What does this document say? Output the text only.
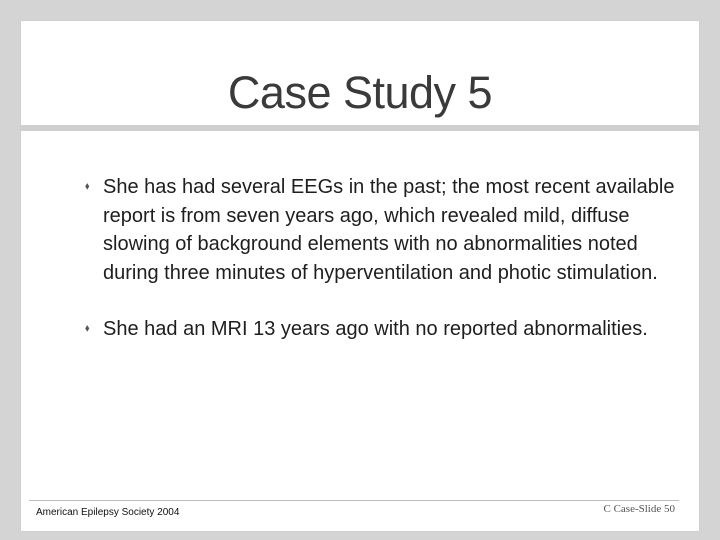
Case Study 5
⬧ She has had several EEGs in the past; the most recent available report is from seven years ago, which revealed mild, diffuse slowing of background elements with no abnormalities noted during three minutes of hyperventilation and photic stimulation.
⬧ She had an MRI 13 years ago with no reported abnormalities.
American Epilepsy Society 2004	C Case-Slide 50
